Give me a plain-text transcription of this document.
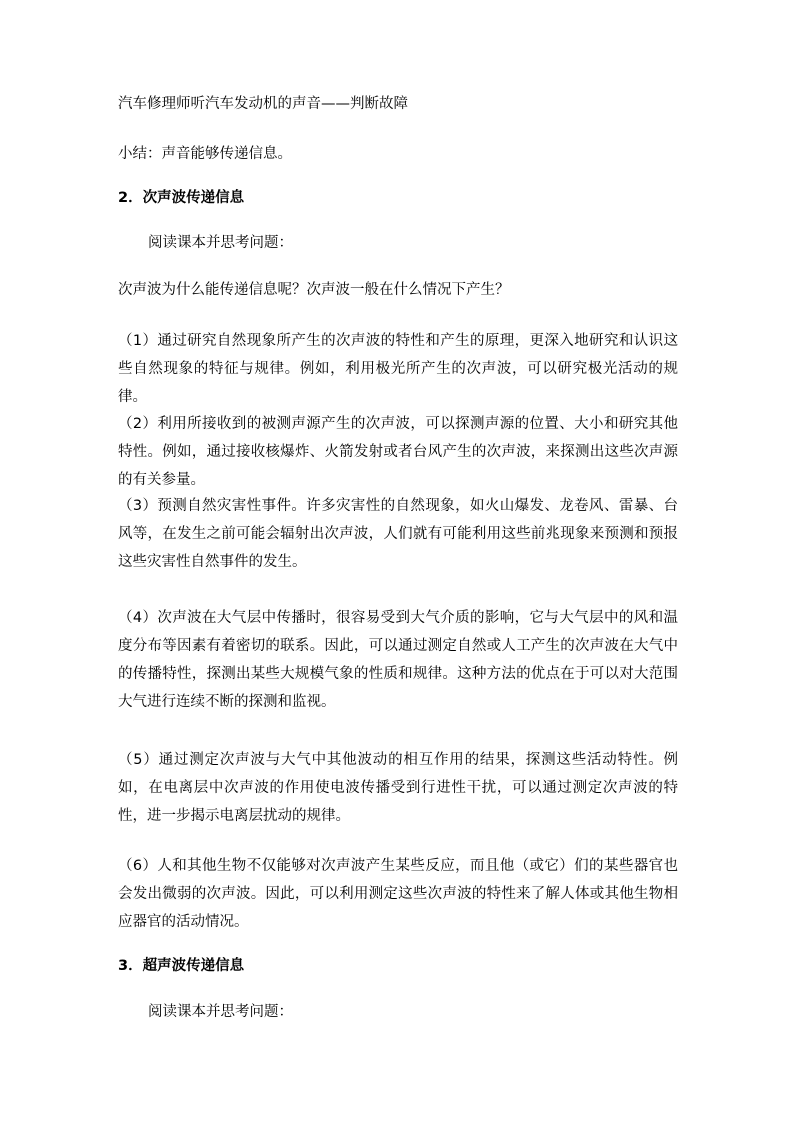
汽车修理师听汽车发动机的声音——判断故障

小结：声音能够传递信息。

2．次声波传递信息

阅读课本并思考问题：

次声波为什么能传递信息呢？次声波一般在什么情况下产生？

（1）通过研究自然现象所产生的次声波的特性和产生的原理，更深入地研究和认识这些自然现象的特征与规律。例如，利用极光所产生的次声波，可以研究极光活动的规律。

（2）利用所接收到的被测声源产生的次声波，可以探测声源的位置、大小和研究其他特性。例如，通过接收核爆炸、火箭发射或者台风产生的次声波，来探测出这些次声源的有关参量。

（3）预测自然灾害性事件。许多灾害性的自然现象，如火山爆发、龙卷风、雷暴、台风等，在发生之前可能会辐射出次声波，人们就有可能利用这些前兆现象来预测和预报这些灾害性自然事件的发生。

（4）次声波在大气层中传播时，很容易受到大气介质的影响，它与大气层中的风和温度分布等因素有着密切的联系。因此，可以通过测定自然或人工产生的次声波在大气中的传播特性，探测出某些大规模气象的性质和规律。这种方法的优点在于可以对大范围大气进行连续不断的探测和监视。

（5）通过测定次声波与大气中其他波动的相互作用的结果，探测这些活动特性。例如，在电离层中次声波的作用使电波传播受到行进性干扰，可以通过测定次声波的特性，进一步揭示电离层扰动的规律。

（6）人和其他生物不仅能够对次声波产生某些反应，而且他（或它）们的某些器官也会发出微弱的次声波。因此，可以利用测定这些次声波的特性来了解人体或其他生物相应器官的活动情况。

3．超声波传递信息

阅读课本并思考问题：
